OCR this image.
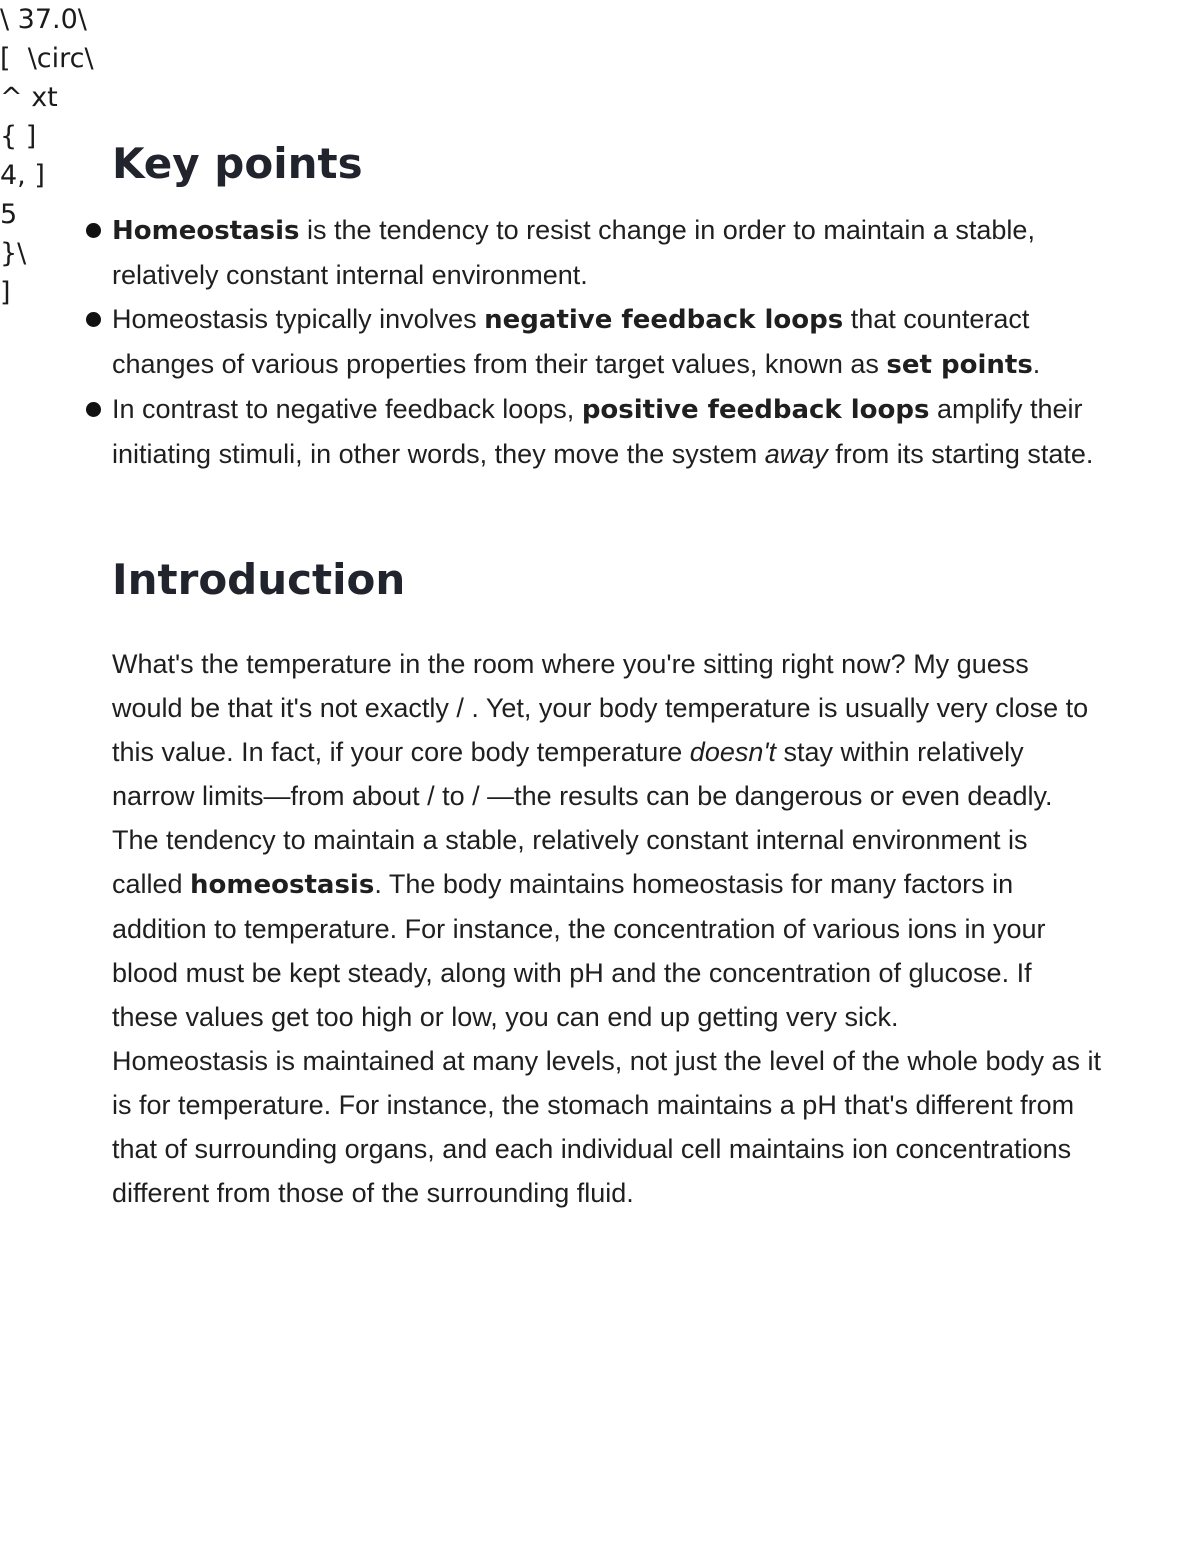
\ 37.0\
[  \circ\
^ xt
{ ]
4, ]
5
}\
]
Key points
Homeostasis is the tendency to resist change in order to maintain a stable, relatively constant internal environment.
Homeostasis typically involves negative feedback loops that counteract changes of various properties from their target values, known as set points.
In contrast to negative feedback loops, positive feedback loops amplify their initiating stimuli, in other words, they move the system away from its starting state.
Introduction

What's the temperature in the room where you're sitting right now? My guess would be that it's not exactly / . Yet, your body temperature is usually very close to this value. In fact, if your core body temperature doesn't stay within relatively narrow limits—from about / to / —the results can be dangerous or even deadly.

The tendency to maintain a stable, relatively constant internal environment is called homeostasis. The body maintains homeostasis for many factors in addition to temperature. For instance, the concentration of various ions in your blood must be kept steady, along with pH and the concentration of glucose. If these values get too high or low, you can end up getting very sick.

Homeostasis is maintained at many levels, not just the level of the whole body as it is for temperature. For instance, the stomach maintains a pH that's different from that of surrounding organs, and each individual cell maintains ion concentrations different from those of the surrounding fluid.
